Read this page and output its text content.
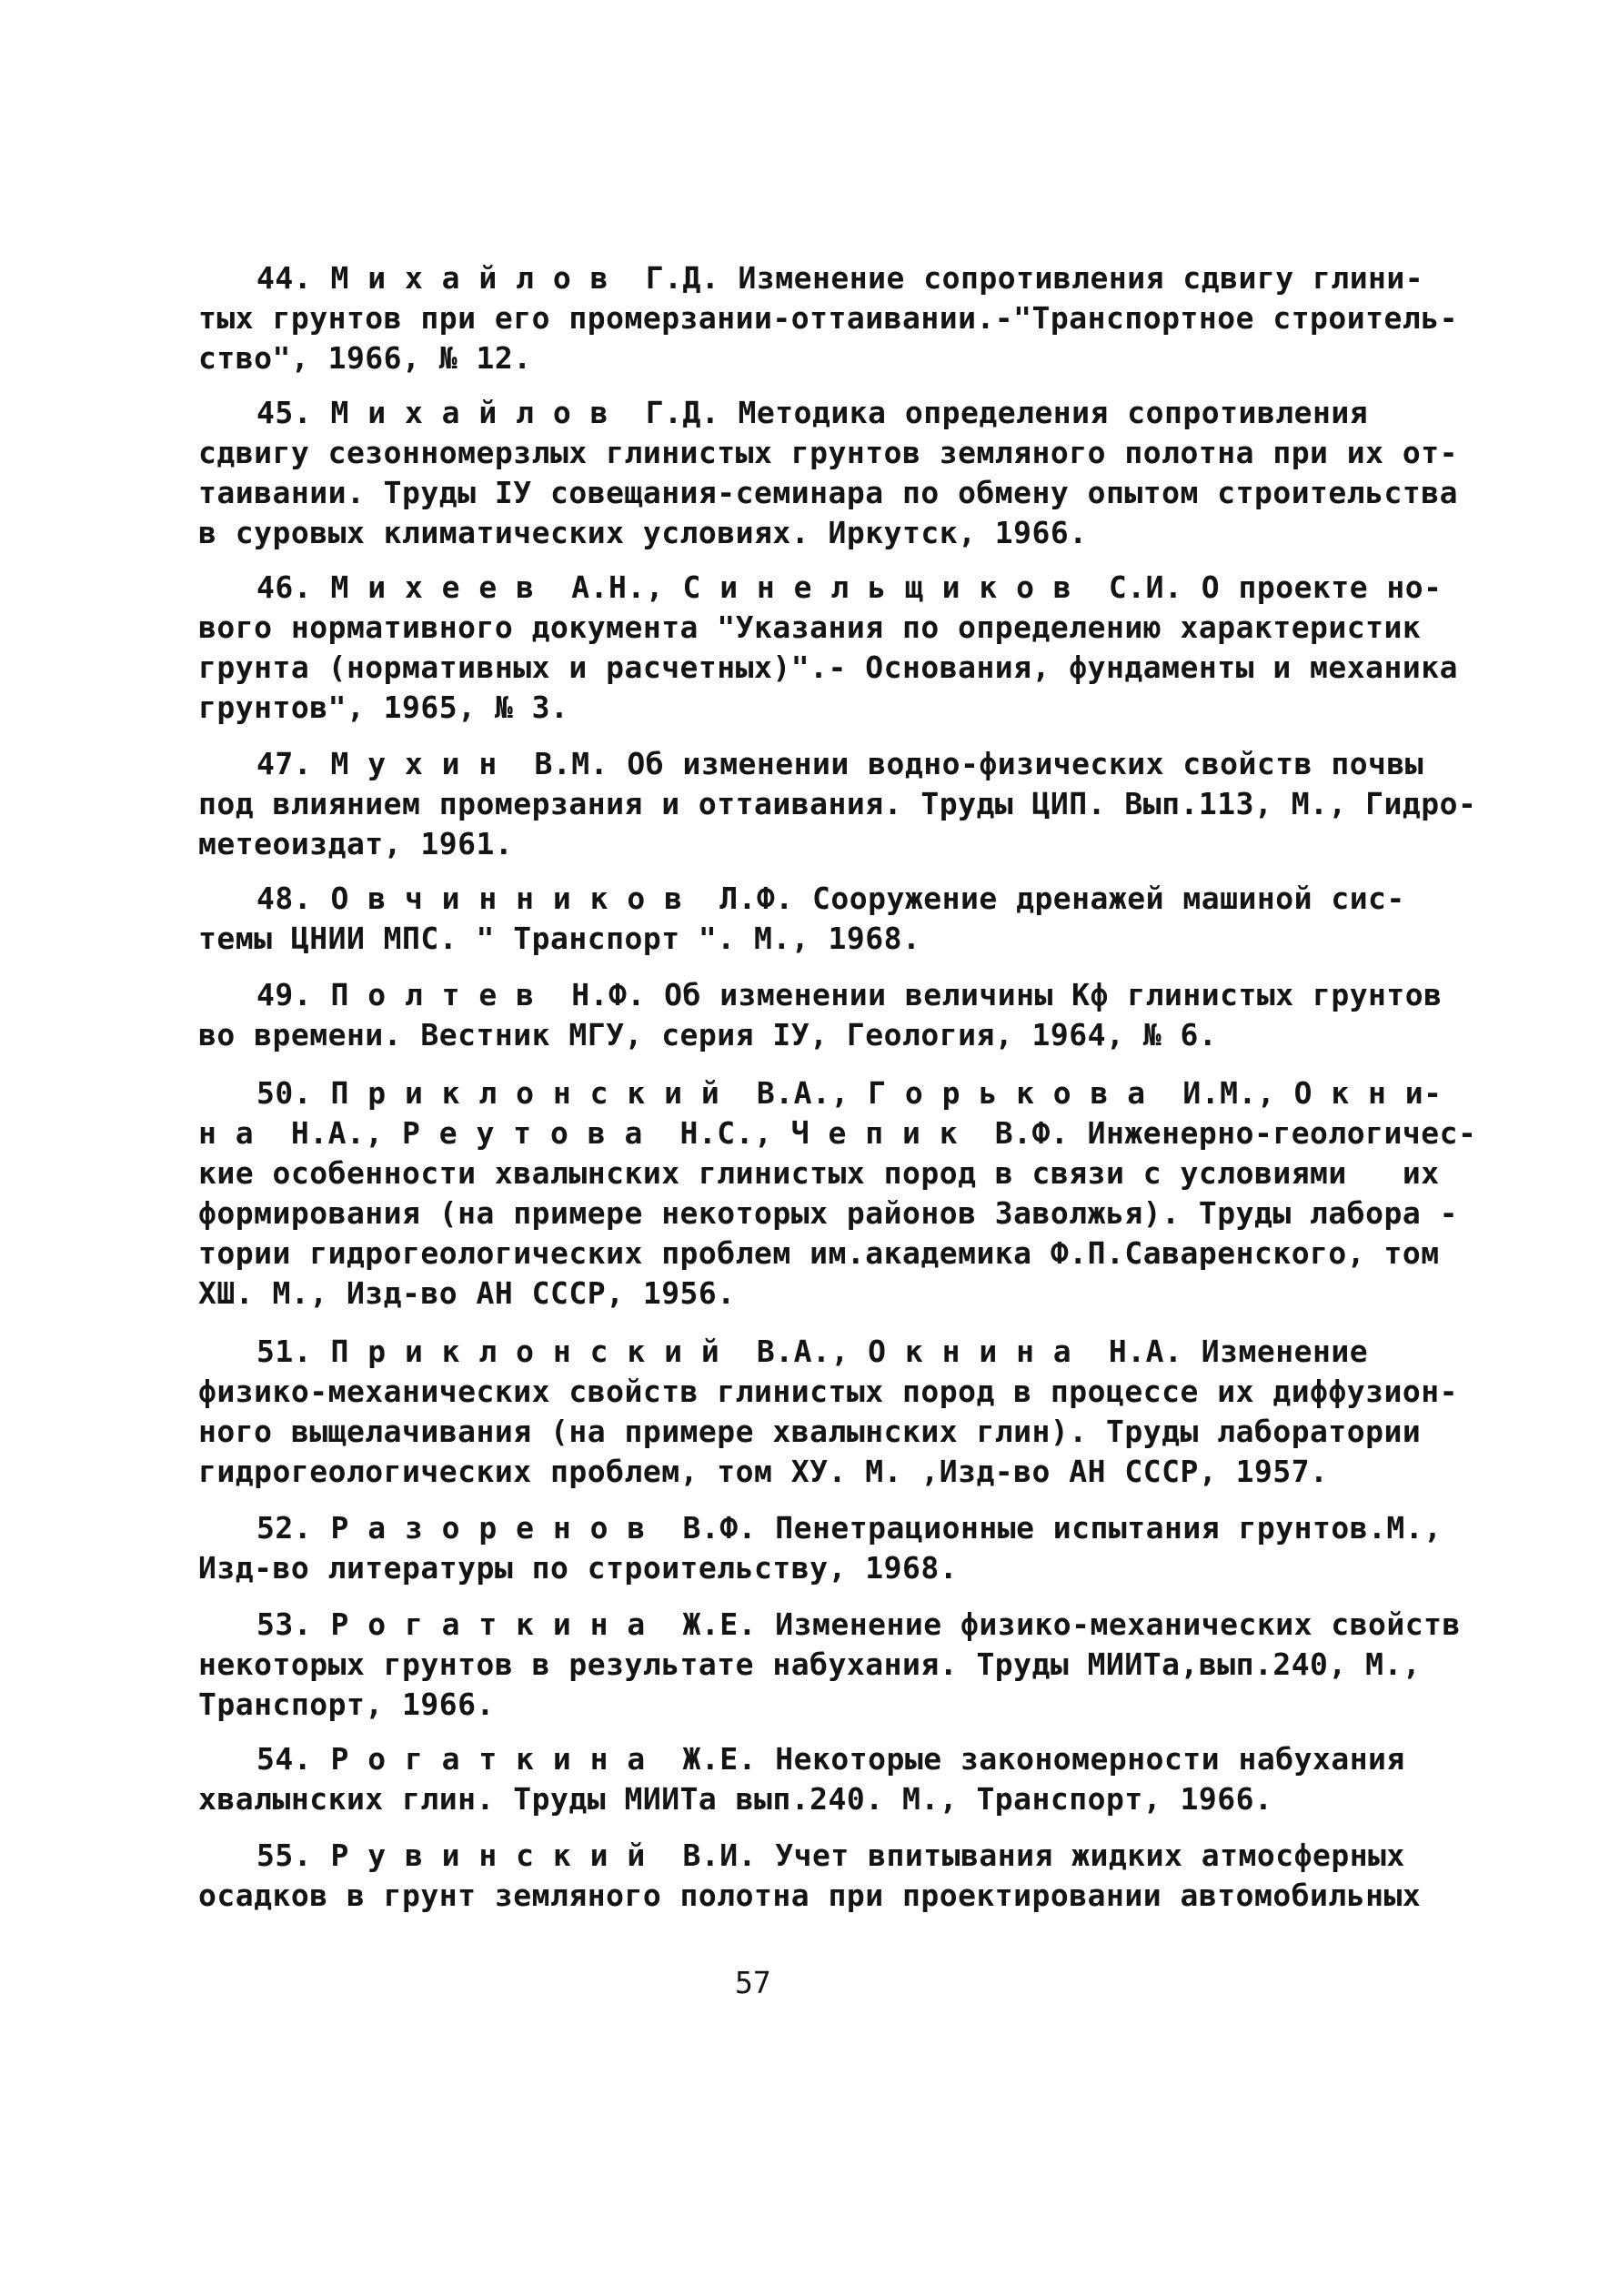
44. М и х а й л о в  Г.Д. Изменение сопротивления сдвигу глини-
тых грунтов при его промерзании-оттаивании.-"Транспортное строитель-
ство", 1966, № 12.
45. М и х а й л о в  Г.Д. Методика определения сопротивления
сдвигу сезонномерзлых глинистых грунтов земляного полотна при их от-
таивании. Труды IУ совещания-семинара по обмену опытом строительства
в суровых климатических условиях. Иркутск, 1966.
46. М и х е е в  А.Н., С и н е л ь щ и к о в  С.И. О проекте но-
вого нормативного документа "Указания по определению характеристик
грунта (нормативных и расчетных)".- Основания, фундаменты и механика
грунтов", 1965, № 3.
47. М у х и н  В.М. Об изменении водно-физических свойств почвы
под влиянием промерзания и оттаивания. Труды ЦИП. Вып.113, М., Гидро-
метеоиздат, 1961.
48. О в ч и н н и к о в  Л.Ф. Сооружение дренажей машиной сис-
темы ЦНИИ МПС. " Транспорт ". М., 1968.
49. П о л т е в  Н.Ф. Об изменении величины Кф глинистых грунтов
во времени. Вестник МГУ, серия IУ, Геология, 1964, № 6.
50. П р и к л о н с к и й  В.А., Г о р ь к о в а  И.М., О к н и-
н а  Н.А., Р е у т о в а  Н.С., Ч е п и к  В.Ф. Инженерно-геологичес-
кие особенности хвалынских глинистых пород в связи с условиями   их
формирования (на примере некоторых районов Заволжья). Труды лабора -
тории гидрогеологических проблем им.академика Ф.П.Саваренского, том
ХШ. М., Изд-во АН СССР, 1956.
51. П р и к л о н с к и й  В.А., О к н и н а  Н.А. Изменение
физико-механических свойств глинистых пород в процессе их диффузион-
ного выщелачивания (на примере хвалынских глин). Труды лаборатории
гидрогеологических проблем, том ХУ. М. ,Изд-во АН СССР, 1957.
52. Р а з о р е н о в  В.Ф. Пенетрационные испытания грунтов.М.,
Изд-во литературы по строительству, 1968.
53. Р о г а т к и н а  Ж.Е. Изменение физико-механических свойств
некоторых грунтов в результате набухания. Труды МИИТа,вып.240, М.,
Транспорт, 1966.
54. Р о г а т к и н а  Ж.Е. Некоторые закономерности набухания
хвалынских глин. Труды МИИТа вып.240. М., Транспорт, 1966.
55. Р у в и н с к и й  В.И. Учет впитывания жидких атмосферных
осадков в грунт земляного полотна при проектировании автомобильных
57
